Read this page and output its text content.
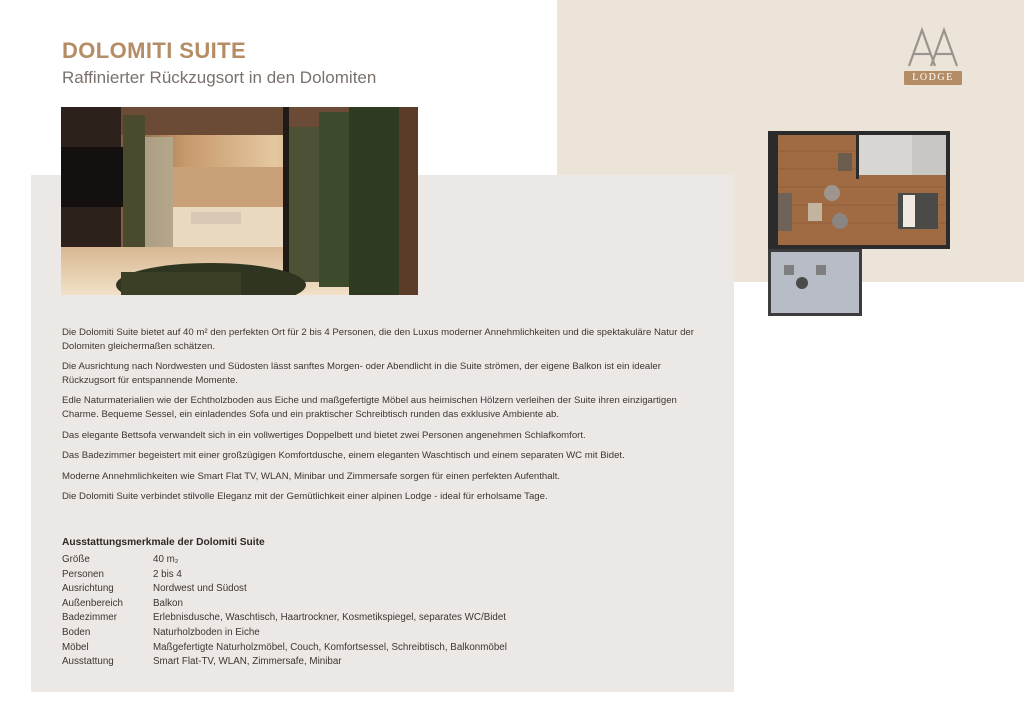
DOLOMITI SUITE
Raffinierter Rückzugsort in den Dolomiten	LODGE

Die Dolomiti Suite bietet auf 40 m² den perfekten Ort für 2 bis 4 Personen, die den Luxus moderner Annehmlichkeiten und die spektakuläre Natur der Dolomiten gleichermaßen schätzen.

Die Ausrichtung nach Nordwesten und Südosten lässt sanftes Morgen- oder Abendlicht in die Suite strömen, der eigene Balkon ist ein idealer Rückzugsort für entspannende Momente.

Edle Naturmaterialien wie der Echtholzboden aus Eiche und maßgefertigte Möbel aus heimischen Hölzern verleihen der Suite ihren einzigartigen Charme. Bequeme Sessel, ein einladendes Sofa und ein praktischer Schreibtisch runden das exklusive Ambiente ab.

Das elegante Bettsofa verwandelt sich in ein vollwertiges Doppelbett und bietet zwei Personen angenehmen Schlafkomfort.

Das Badezimmer begeistert mit einer großzügigen Komfortdusche, einem eleganten Waschtisch und einem separaten WC mit Bidet.

Moderne Annehmlichkeiten wie Smart Flat TV, WLAN, Minibar und Zimmersafe sorgen für einen perfekten Aufenthalt.

Die Dolomiti Suite verbindet stilvolle Eleganz mit der Gemütlichkeit einer alpinen Lodge - ideal für erholsame Tage.

Ausstattungsmerkmale der Dolomiti Suite
Größe	40 m₂
Personen	2 bis 4
Ausrichtung	Nordwest und Südost
Außenbereich	Balkon
Badezimmer	Erlebnisdusche, Waschtisch, Haartrockner, Kosmetikspiegel, separates WC/Bidet
Boden	Naturholzboden in Eiche
Möbel	Maßgefertigte Naturholzmöbel, Couch, Komfortsessel, Schreibtisch, Balkonmöbel
Ausstattung	Smart Flat-TV, WLAN, Zimmersafe, Minibar
